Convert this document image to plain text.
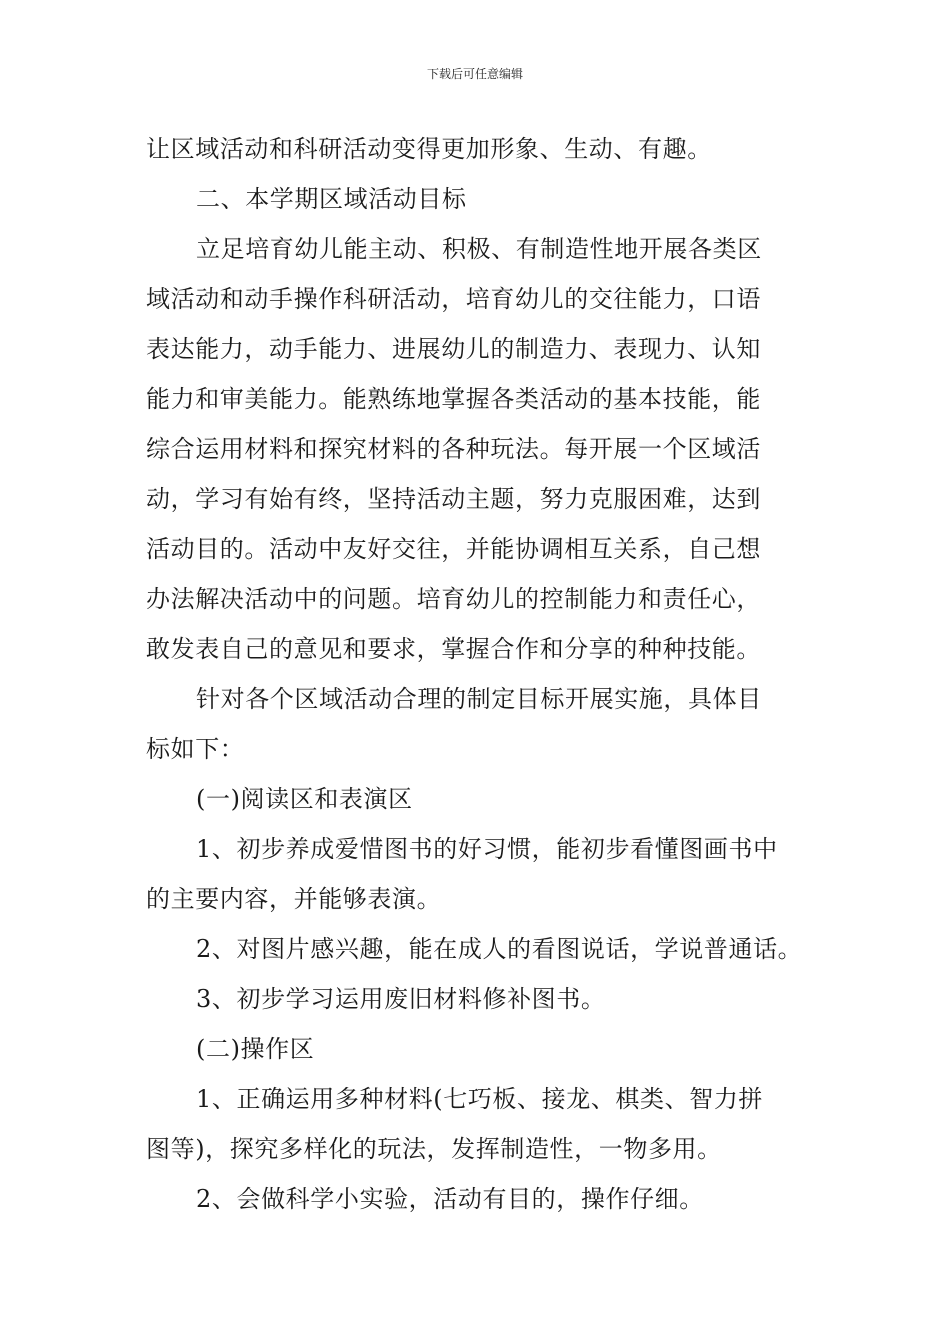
下载后可任意编辑
让区域活动和科研活动变得更加形象、生动、有趣。
二、本学期区域活动目标
立足培育幼儿能主动、积极、有制造性地开展各类区
域活动和动手操作科研活动，培育幼儿的交往能力，口语
表达能力，动手能力、进展幼儿的制造力、表现力、认知
能力和审美能力。能熟练地掌握各类活动的基本技能，能
综合运用材料和探究材料的各种玩法。每开展一个区域活
动，学习有始有终，坚持活动主题，努力克服困难，达到
活动目的。活动中友好交往，并能协调相互关系，自己想
办法解决活动中的问题。培育幼儿的控制能力和责任心，
敢发表自己的意见和要求，掌握合作和分享的种种技能。
针对各个区域活动合理的制定目标开展实施，具体目
标如下：
(一)阅读区和表演区
1、初步养成爱惜图书的好习惯，能初步看懂图画书中
的主要内容，并能够表演。
2、对图片感兴趣，能在成人的看图说话，学说普通话。
3、初步学习运用废旧材料修补图书。
(二)操作区
1、正确运用多种材料(七巧板、接龙、棋类、智力拼
图等)，探究多样化的玩法，发挥制造性，一物多用。
2、会做科学小实验，活动有目的，操作仔细。
